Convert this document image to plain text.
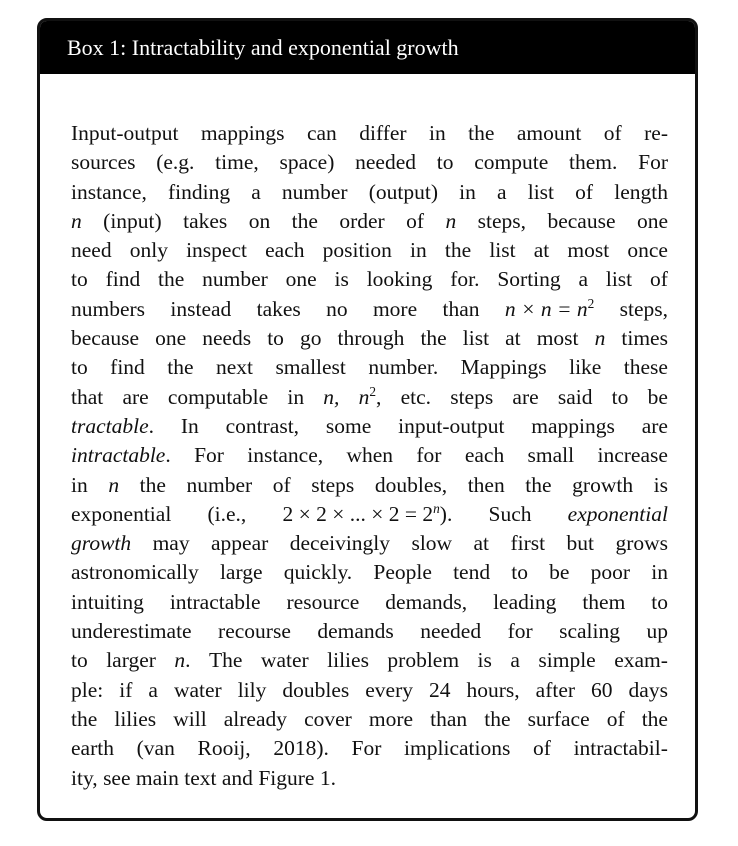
Box 1: Intractability and exponential growth
Input-output mappings can differ in the amount of re-
sources (e.g. time, space) needed to compute them. For
instance, finding a number (output) in a list of length
n (input) takes on the order of n steps, because one
need only inspect each position in the list at most once
to find the number one is looking for. Sorting a list of
numbers instead takes no more than $n \times n = n^2$ steps,
because one needs to go through the list at most n times
to find the next smallest number. Mappings like these
that are computable in n, $n^2$, etc. steps are said to be
tractable. In contrast, some input-output mappings are
intractable. For instance, when for each small increase
in n the number of steps doubles, then the growth is
exponential (i.e., 2 × 2 × ... × $2 = 2^n$). Such exponential
growth may appear deceivingly slow at first but grows
astronomically large quickly. People tend to be poor in
intuiting intractable resource demands, leading them to
underestimate recourse demands needed for scaling up
to larger n. The water lilies problem is a simple exam-
ple: if a water lily doubles every 24 hours, after 60 days
the lilies will already cover more than the surface of the
earth (van Rooij, 2018). For implications of intractabil-
ity,
see
main
text
and
Figure
1.
